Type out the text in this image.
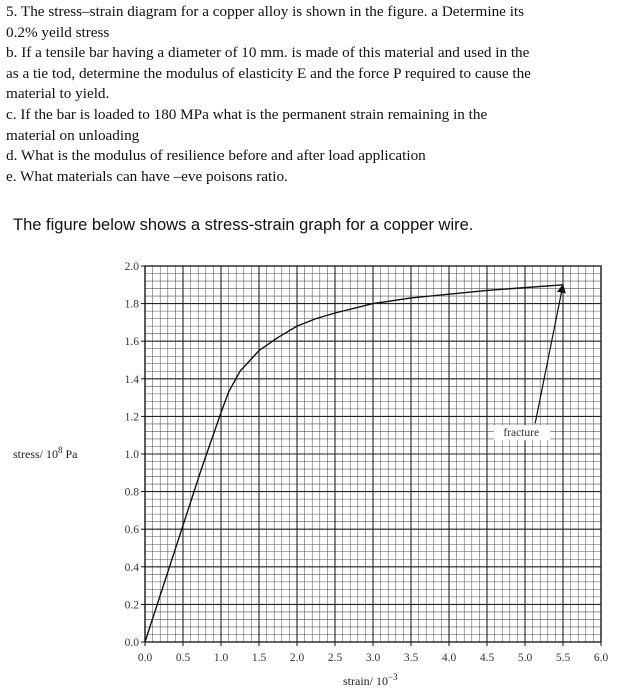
5. The stress–strain diagram for a copper alloy is shown in the figure. a Determine its

0.2% yeild stress

b. If a tensile bar having a diameter of 10 mm. is made of this material and used in the

as a tie tod, determine the modulus of elasticity E and the force P required to cause the

material to yield.

c. If the bar is loaded to 180 MPa what is the permanent strain remaining in the

material on unloading

d. What is the modulus of resilience before and after load application

e. What materials can have –eve poisons ratio.

The figure below shows a stress-strain graph for a copper wire.
0.0 0.5 1.0 1.5 2.0 2.5 3.0 3.5 4.0 4.5 5.0 5.5 6.0
0.0
0.2
0.4
0.6
0.8
1.0
1.2
1.4
1.6
1.8
2.0
fracture
stress/ $10^8$ Pa
strain/ $10^{-3}$
